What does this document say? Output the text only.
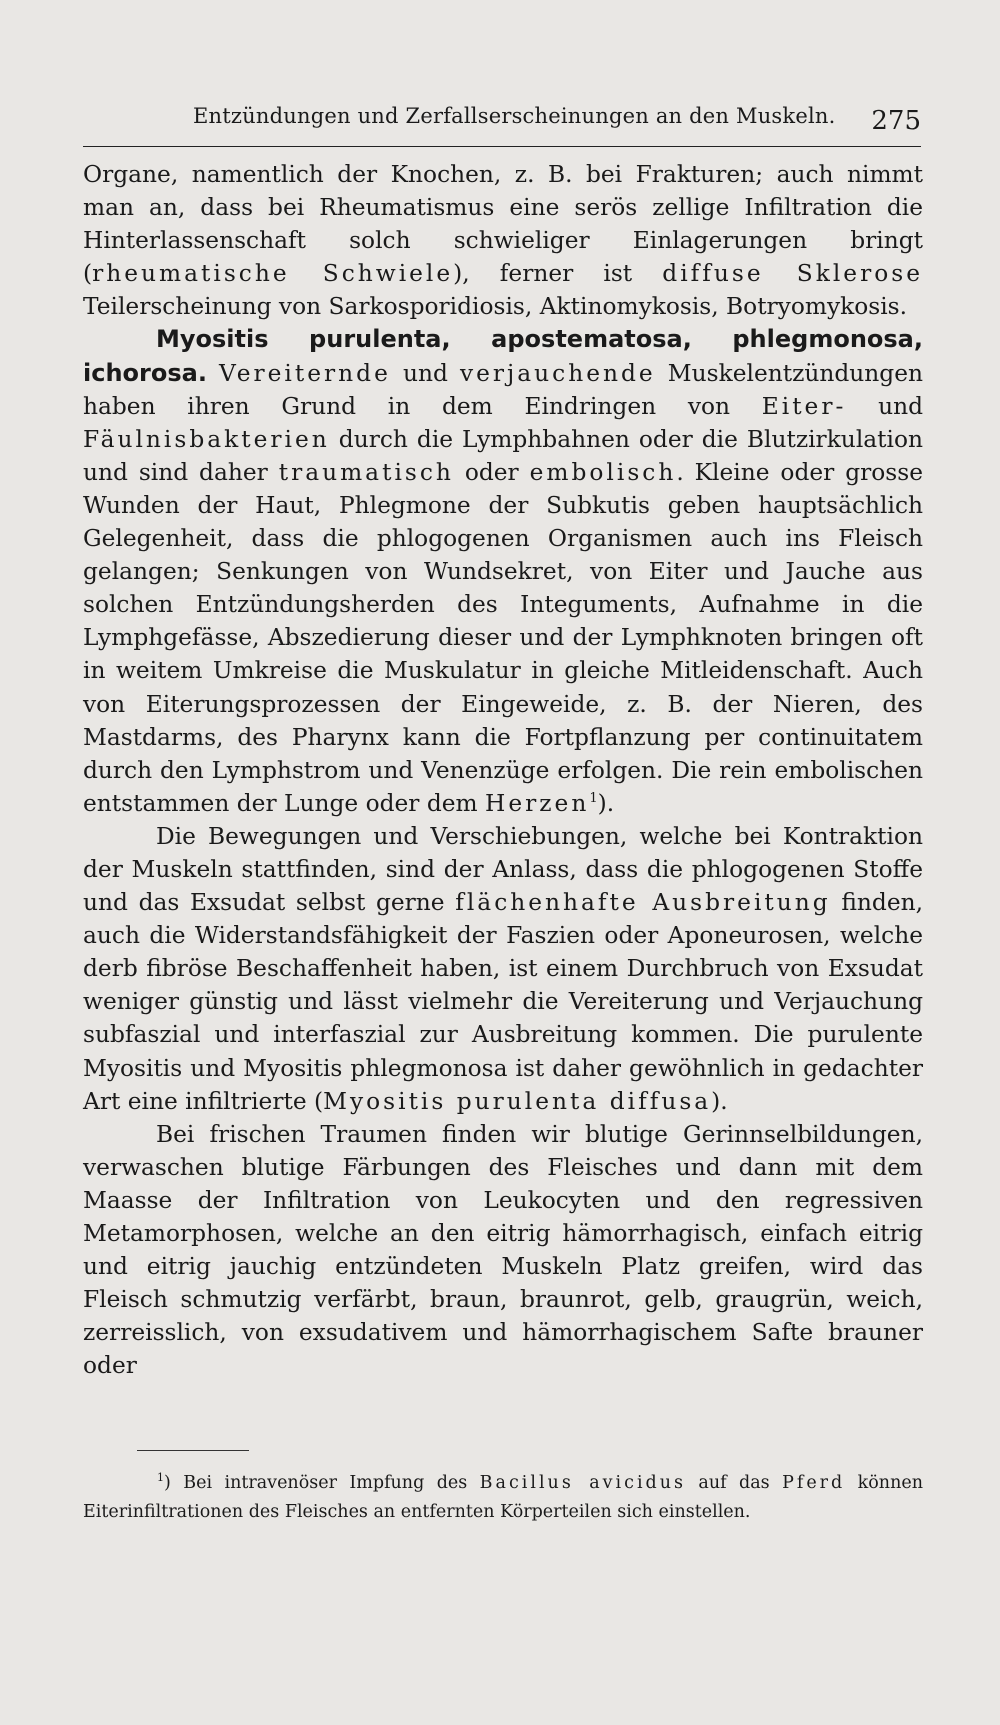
Entzündungen und Zerfallserscheinungen an den Muskeln. 275

Organe, namentlich der Knochen, z. B. bei Frakturen; auch nimmt man an, dass bei Rheumatismus eine serös zellige Infiltration die Hinterlassenschaft solch schwieliger Einlagerungen bringt (rheumatische Schwiele), ferner ist diffuse Sklerose Teilerscheinung von Sarkosporidiosis, Aktinomykosis, Botryomykosis.

Myositis purulenta, apostematosa, phlegmonosa, ichorosa. Vereiternde und verjauchende Muskelentzündungen haben ihren Grund in dem Eindringen von Eiter- und Fäulnisbakterien durch die Lymphbahnen oder die Blutzirkulation und sind daher traumatisch oder embolisch. Kleine oder grosse Wunden der Haut, Phlegmone der Subkutis geben hauptsächlich Gelegenheit, dass die phlogogenen Organismen auch ins Fleisch gelangen; Senkungen von Wundsekret, von Eiter und Jauche aus solchen Entzündungsherden des Integuments, Aufnahme in die Lymphgefässe, Abszedierung dieser und der Lymphknoten bringen oft in weitem Umkreise die Muskulatur in gleiche Mitleidenschaft. Auch von Eiterungsprozessen der Eingeweide, z. B. der Nieren, des Mastdarms, des Pharynx kann die Fortpflanzung per continuitatem durch den Lymphstrom und Venenzüge erfolgen. Die rein embolischen entstammen der Lunge oder dem Herzen$^1$).

Die Bewegungen und Verschiebungen, welche bei Kontraktion der Muskeln stattfinden, sind der Anlass, dass die phlogogenen Stoffe und das Exsudat selbst gerne flächenhafte Ausbreitung finden, auch die Widerstandsfähigkeit der Faszien oder Aponeurosen, welche derb fibröse Beschaffenheit haben, ist einem Durchbruch von Exsudat weniger günstig und lässt vielmehr die Vereiterung und Verjauchung subfaszial und interfaszial zur Ausbreitung kommen. Die purulente Myositis und Myositis phlegmonosa ist daher gewöhnlich in gedachter Art eine infiltrierte (Myositis purulenta diffusa).

Bei frischen Traumen finden wir blutige Gerinnselbildungen, verwaschen blutige Färbungen des Fleisches und dann mit dem Maasse der Infiltration von Leukocyten und den regressiven Metamorphosen, welche an den eitrig hämorrhagisch, einfach eitrig und eitrig jauchig entzündeten Muskeln Platz greifen, wird das Fleisch schmutzig verfärbt, braun, braunrot, gelb, graugrün, weich, zerreisslich, von exsudativem und hämorrhagischem Safte brauner oder

$^1$) Bei intravenöser Impfung des Bacillus avicidus auf das Pferd können Eiterinfiltrationen des Fleisches an entfernten Körperteilen sich einstellen.
